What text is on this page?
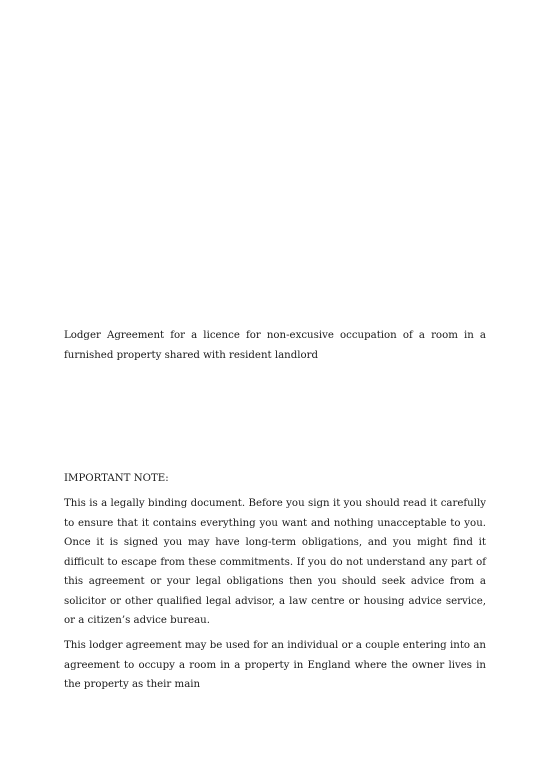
Lodger Agreement for a licence for non-excusive occupation of a room in a furnished property shared with resident landlord

IMPORTANT NOTE:

This is a legally binding document. Before you sign it you should read it carefully to ensure that it contains everything you want and nothing unacceptable to you. Once it is signed you may have long-term obligations, and you might find it difficult to escape from these commitments. If you do not understand any part of this agreement or your legal obligations then you should seek advice from a solicitor or other qualified legal advisor, a law centre or housing advice service, or a citizen’s advice bureau.

This lodger agreement may be used for an individual or a couple entering into an agreement to occupy a room in a property in England where the owner lives in the property as their main
